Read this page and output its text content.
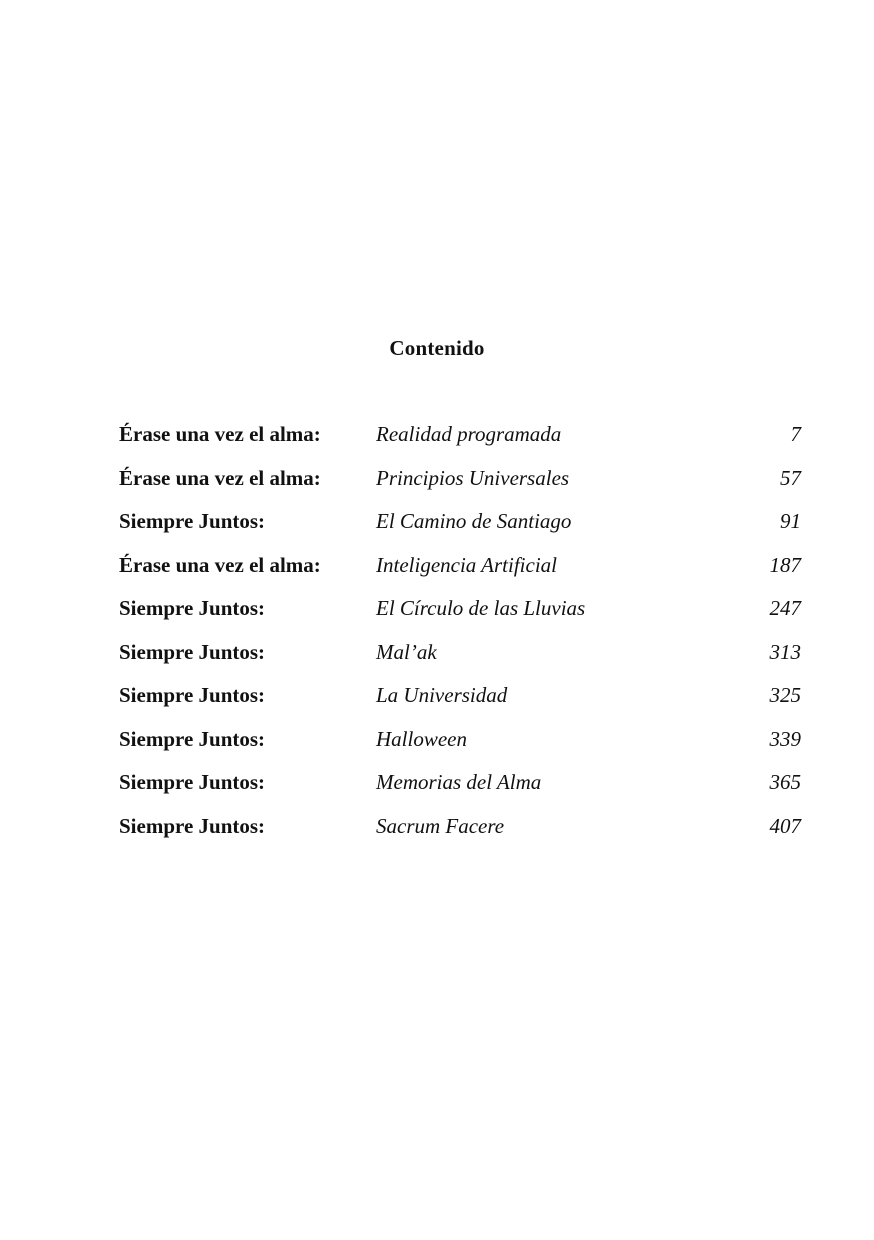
Contenido
Érase una vez el alma:	Realidad programada	7
Érase una vez el alma:	Principios Universales	57
Siempre Juntos:	El Camino de Santiago	91
Érase una vez el alma:	Inteligencia Artificial	187
Siempre Juntos:	El Círculo de las Lluvias	247
Siempre Juntos:	Mal’ak	313
Siempre Juntos:	La Universidad	325
Siempre Juntos:	Halloween	339
Siempre Juntos:	Memorias del Alma	365
Siempre Juntos:	Sacrum Facere	407
